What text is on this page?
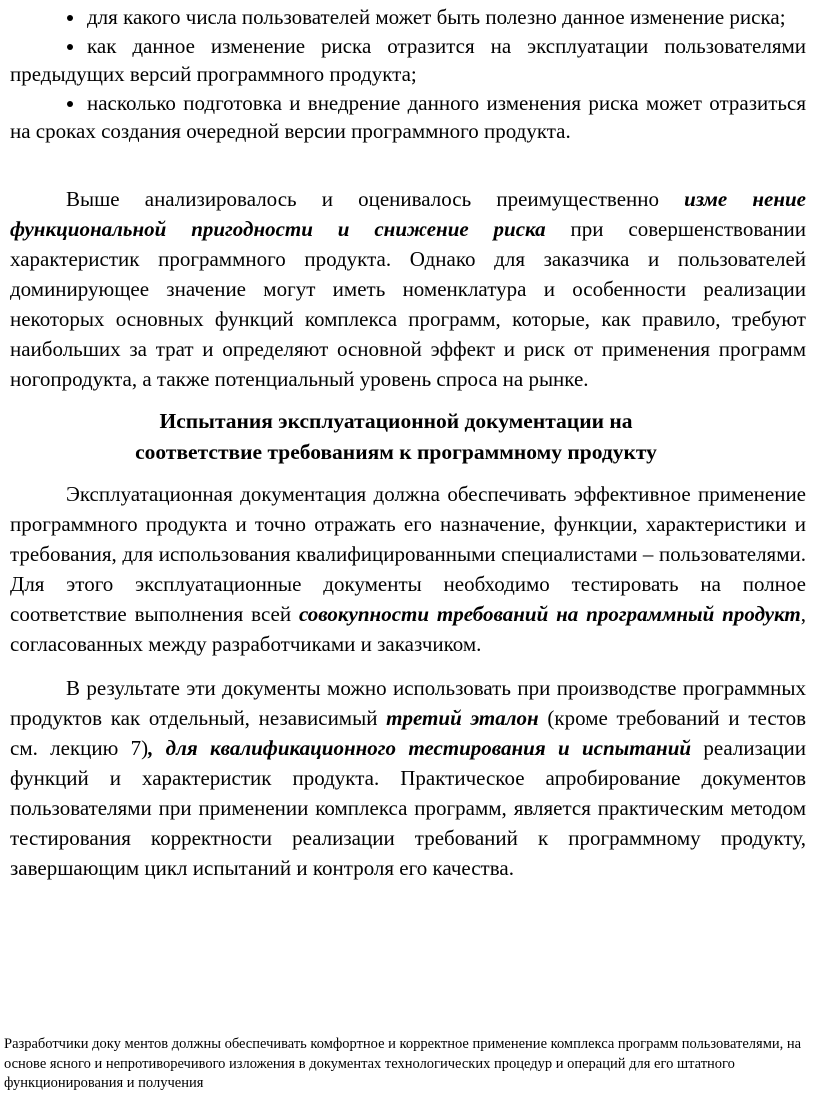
для какого числа пользователей может быть полезно данное изменение риска;
как данное изменение риска отразится на эксплуатации пользователями предыдущих версий программного продукта;
насколько подготовка и внедрение данного изменения риска может отразиться на сроках создания очередной версии программного продукта.

Выше анализировалось и оценивалось преимущественно изме нение функциональной пригодности и снижение риска при совершенствовании характеристик программного продукта. Однако для заказчика и пользователей доминирующее значение могут иметь номенклатура и особенности реализации некоторых основных функций комплекса программ, которые, как правило, требуют наибольших за трат и определяют основной эффект и риск от применения программ ногопродукта, а также потенциальный уровень спроса на рынке.

Испытания эксплуатационной документации на
соответствие требованиям к программному продукту

Эксплуатационная документация должна обеспечивать эффективное применение программного продукта и точно отражать его назначение, функции, характеристики и требования, для использования квалифицированными специалистами – пользователями. Для этого эксплуатационные документы необходимо тестировать на полное соответствие выполнения всей совокупности требований на программный продукт, согласованных между разработчиками и заказчиком.

В результате эти документы можно использовать при производстве программных продуктов как отдельный, независимый третий эталон (кроме требований и тестов см. лекцию 7), для квалификационного тестирования и испытаний реализации функций и характеристик продукта. Практическое апробирование документов пользователями при применении комплекса программ, является практическим методом тестирования корректности реализации требований к программному продукту, завершающим цикл испытаний и контроля его качества.

Разработчики доку ментов должны обеспечивать комфортное и корректное применение комплекса программ пользователями, на основе ясного и непротиворечивого изложения в документах технологических процедур и операций для его штатного функционирования и получения
